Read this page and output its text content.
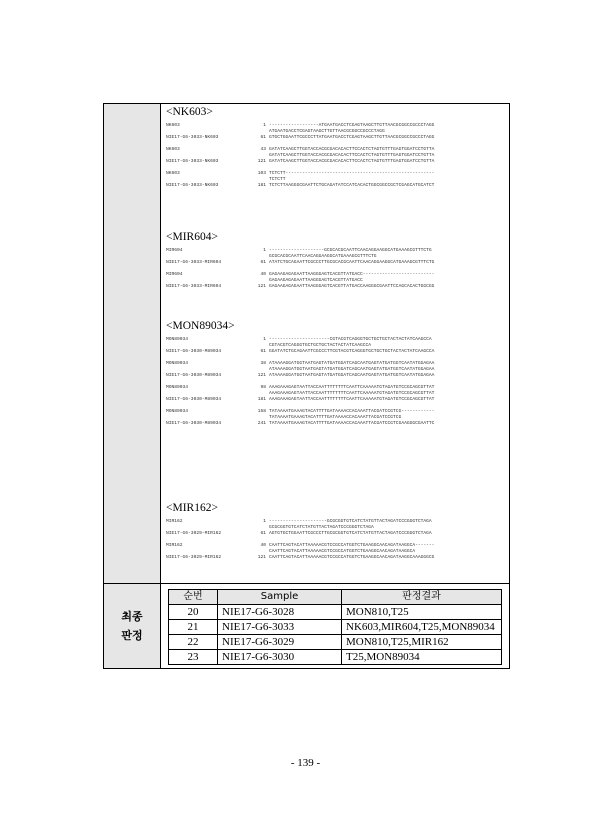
<NK603>
NK603	1 ------------------ATGAATGACCTCGAGTAAGCTTGTTAACGCGGCCGCCCTAGG
ATGAATGACCTCGAGTAAGCTTGTTAACGCGGCCGCCCTAGG
NIE17-G6-3033-NK603	61 GTGCTGGAATTCGCCCTTATGAATGACCTCGAGTAAGCTTGTTAACGCGGCCGCCCTAGG
NK603	43 GATATCAAGCTTGGTACCACGCGACACACTTCCACTCTAGTGTTTGAGTGGATCCTGTTA
GATATCAAGCTTGGTACCACGCGACACACTTCCACTCTAGTGTTTGAGTGGATCCTGTTA
NIE17-G6-3033-NK603	121 GATATCAAGCTTGGTACCACGCGACACACTTCCACTCTAGTGTTTGAGTGGATCCTGTTA
NK603	103 TCTCTT------------------------------------------------------
TCTCTT
NIE17-G6-3033-NK603	181 TCTCTTAAGGGCGAATTCTGCAGATATCCATCACACTGGCGGCCGCTCGAGCATGCATCT
<MIR604>
MIR604	1 --------------------GCGCACGCAATTCAACAGGAAGGCATGAAAGCGTTTCTG
GCGCACGCAATTCAACAGGAAGGCATGAAAGCGTTTCTG
NIE17-G6-3033-MIR604	61 ATATCTGCAGAATTCGCCCTTGCGCACGCAATTCAACAGGAAGGCATGAAAGCGTTTCTG
MIR604	40 GAGAAGAGAGAATTAAGGGAGTCACGTTATGACC--------------------------
GAGAAGAGAGAATTAAGGGAGTCACGTTATGACC
NIE17-G6-3033-MIR604	121 GAGAAGAGAGAATTAAGGGAGTCACGTTATGACCAAGGGCGAATTCCAGCACACTGGCGG
<MON89034>
MON89034	1 ----------------------CGTACGTCAGGGTGCTGCTGCTACTACTATCAAGCCA
CGTACGTCAGGGTGCTGCTGCTACTACTATCAAGCCA
NIE17-G6-3030-M89034	61 GGATATCTGCAGAATTCGCCCTTCGTACGTCAGGGTGCTGCTGCTACTACTATCAAGCCA
MON89034	38 ATAAAAGGATGGTAATGAGTATGATGGATCAGCAATGAGTATGATGGTCAATATGGAGAA
ATAAAAGGATGGTAATGAGTATGATGGATCAGCAATGAGTATGATGGTCAATATGGAGAA
NIE17-G6-3030-M89034	121 ATAAAAGGATGGTAATGAGTATGATGGATCAGCAATGAGTATGATGGTCAATATGGAGAA
MON89034	98 AAAGAAAGAGTAATTACCAATTTTTTTTCAATTCAAAAATGTAGATGTCCGCAGCGTTAT
AAAGAAAGAGTAATTACCAATTTTTTTTCAATTCAAAAATGTAGATGTCCGCAGCGTTAT
NIE17-G6-3030-M89034	181 AAAGAAAGAGTAATTACCAATTTTTTTTCAATTCAAAAATGTAGATGTCCGCAGCGTTAT
MON89034	158 TATAAAATGAAAGTACATTTTGATAAAACCACAAATTACGATCCGTCG------------
TATAAAATGAAAGTACATTTTGATAAAACCACAAATTACGATCCGTCG
NIE17-G6-3030-M89034	241 TATAAAATGAAAGTACATTTTGATAAAACCACAAATTACGATCCGTCGAAGGGCGAATTC
<MIR162>
MIR162	1 ---------------------GCGCGGTGTCATCTATGTTACTAGATCCCGGGTCTAGA
GCGCGGTGTCATCTATGTTACTAGATCCCGGGTCTAGA
NIE17-G6-3029-MIR162	61 AGTGTGCTGGAATTCGCCCTTGCGCGGTGTCATCTATGTTACTAGATCCCGGGTCTAGA
MIR162	40 CAATTCAGTACATTAAAAACGTCCGCCATGGTCTGAAGGCAACAGATAAGGCA-------
CAATTCAGTACATTAAAAACGTCCGCCATGGTCTGAAGGCAACAGATAAGGCA
NIE17-G6-3029-MIR162	121 CAATTCAGTACATTAAAAACGTCCGCCATGGTCTGAAGGCAACAGATAAGGCAAAGGGCG
최종
판정
순번	Sample	판정결과
20	NIE17-G6-3028	MON810,T25
21	NIE17-G6-3033	NK603,MIR604,T25,MON89034
22	NIE17-G6-3029	MON810,T25,MIR162
23	NIE17-G6-3030	T25,MON89034
- 139 -
